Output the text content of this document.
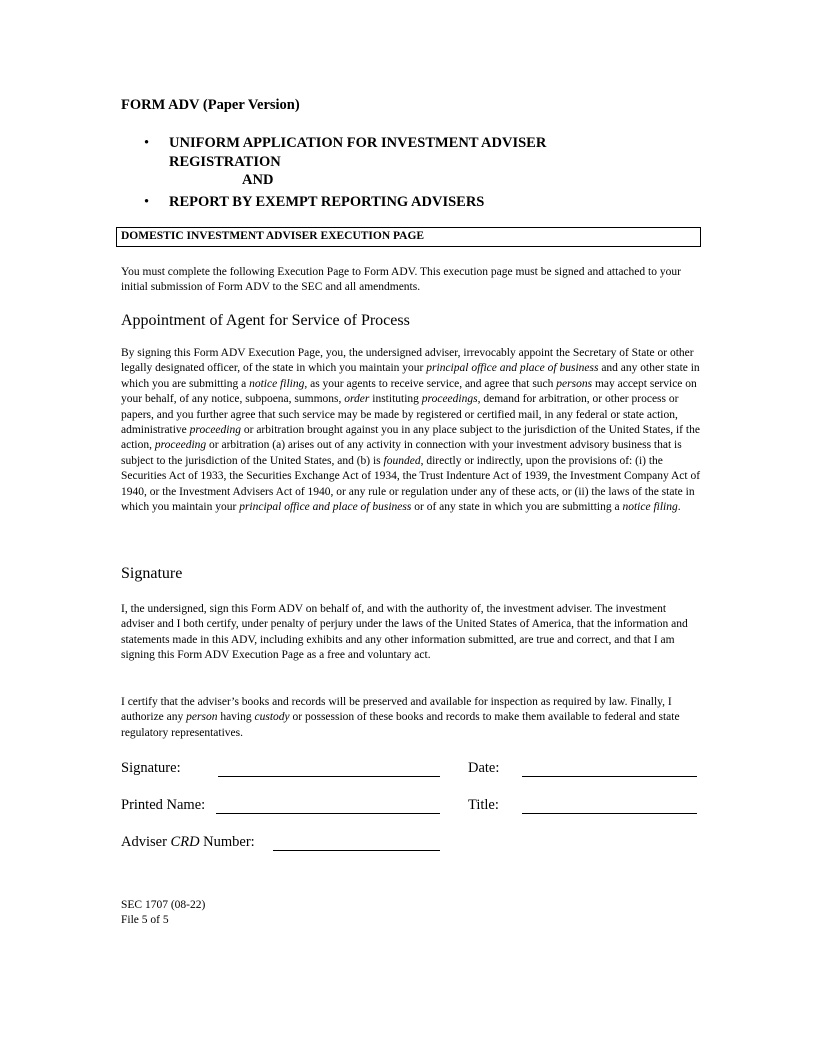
FORM ADV (Paper Version)
• UNIFORM APPLICATION FOR INVESTMENT ADVISER
REGISTRATION
AND
• REPORT BY EXEMPT REPORTING ADVISERS
DOMESTIC INVESTMENT ADVISER EXECUTION PAGE
You must complete the following Execution Page to Form ADV. This execution page must be signed and attached to your initial submission of Form ADV to the SEC and all amendments.
Appointment of Agent for Service of Process
By signing this Form ADV Execution Page, you, the undersigned adviser, irrevocably appoint the Secretary of State or other legally designated officer, of the state in which you maintain your principal office and place of business and any other state in which you are submitting a notice filing, as your agents to receive service, and agree that such persons may accept service on your behalf, of any notice, subpoena, summons, order instituting proceedings, demand for arbitration, or other process or papers, and you further agree that such service may be made by registered or certified mail, in any federal or state action, administrative proceeding or arbitration brought against you in any place subject to the jurisdiction of the United States, if the action, proceeding or arbitration (a) arises out of any activity in connection with your investment advisory business that is subject to the jurisdiction of the United States, and (b) is founded, directly or indirectly, upon the provisions of: (i) the Securities Act of 1933, the Securities Exchange Act of 1934, the Trust Indenture Act of 1939, the Investment Company Act of 1940, or the Investment Advisers Act of 1940, or any rule or regulation under any of these acts, or (ii) the laws of the state in which you maintain your principal office and place of business or of any state in which you are submitting a notice filing.
Signature
I, the undersigned, sign this Form ADV on behalf of, and with the authority of, the investment adviser. The investment adviser and I both certify, under penalty of perjury under the laws of the United States of America, that the information and statements made in this ADV, including exhibits and any other information submitted, are true and correct, and that I am signing this Form ADV Execution Page as a free and voluntary act.
I certify that the adviser’s books and records will be preserved and available for inspection as required by law. Finally, I authorize any person having custody or possession of these books and records to make them available to federal and state regulatory representatives.
Signature:	Date:
Printed Name:	Title:
Adviser CRD Number:
SEC 1707 (08-22)
File 5 of 5
